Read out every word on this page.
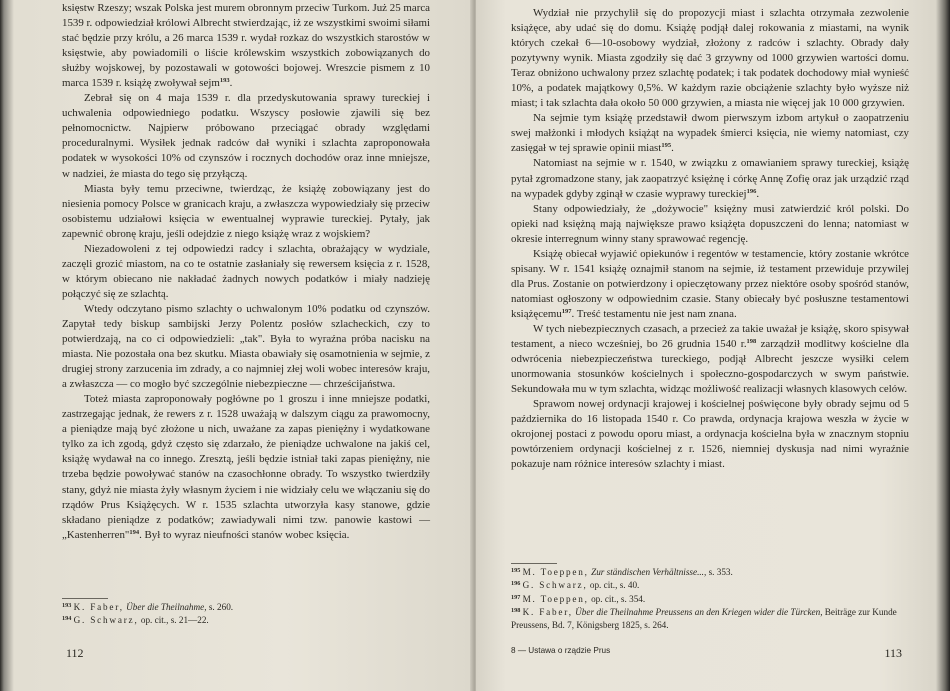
księstw Rzeszy; wszak Polska jest murem obronnym przeciw Turkom. Już 25 marca 1539 r. odpowiedział królowi Albrecht stwierdzając, iż ze wszystkimi swoimi siłami stać będzie przy królu, a 26 marca 1539 r. wydał rozkaz do wszystkich starostów w księstwie, aby powiadomili o liście królewskim wszystkich zobowiązanych do służby wojskowej, by pozostawali w gotowości bojowej. Wreszcie pismem z 10 marca 1539 r. książę zwoływał sejm$^{193}$.

Zebrał się on 4 maja 1539 r. dla przedyskutowania sprawy tureckiej i uchwalenia odpowiedniego podatku. Wszyscy posłowie zjawili się bez pełnomocnictw. Najpierw próbowano przeciągać obrady względami proceduralnymi. Wysiłek jednak radców dał wyniki i szlachta zaproponowała podatek w wysokości 10% od czynszów i rocznych dochodów oraz inne mniejsze, w nadziei, że miasta do tego się przyłączą.

Miasta były temu przeciwne, twierdząc, że książę zobowiązany jest do niesienia pomocy Polsce w granicach kraju, a zwłaszcza wypowiedziały się przeciw osobistemu udziałowi księcia w ewentualnej wyprawie tureckiej. Pytały, jak zapewnić obronę kraju, jeśli odejdzie z niego książę wraz z wojskiem?

Niezadowoleni z tej odpowiedzi radcy i szlachta, obrażający w wydziale, zaczęli grozić miastom, na co te ostatnie zasłaniały się rewersem księcia z r. 1528, w którym obiecano nie nakładać żadnych nowych podatków i miały nadzieję połączyć się ze szlachtą.

Wtedy odczytano pismo szlachty o uchwalonym 10% podatku od czynszów. Zapytał tedy biskup sambijski Jerzy Polentz posłów szlacheckich, czy to potwierdzają, na co ci odpowiedzieli: „tak". Była to wyraźna próba nacisku na miasta. Nie pozostała ona bez skutku. Miasta obawiały się osamotnienia w sejmie, z drugiej strony zarzucenia im zdrady, a co najmniej złej woli wobec interesów kraju, a zwłaszcza — co mogło być szczególnie niebezpieczne — chrześcijaństwa.

Toteż miasta zaproponowały pogłówne po 1 groszu i inne mniejsze podatki, zastrzegając jednak, że rewers z r. 1528 uważają w dalszym ciągu za prawomocny, a pieniądze mają być złożone u nich, uważane za zapas pieniężny i wydatkowane tylko za ich zgodą, gdyż często się zdarzało, że pieniądze uchwalone na jakiś cel, książę wydawał na co innego. Zresztą, jeśli będzie istniał taki zapas pieniężny, nie trzeba będzie powoływać stanów na czasochłonne obrady. To wszystko twierdziły stany, gdyż nie miasta żyły własnym życiem i nie widziały celu we włączaniu się do rządów Prus Książęcych. W r. 1535 szlachta utworzyła kasy stanowe, gdzie składano pieniądze z podatków; zawiadywali nimi tzw. panowie kastowi — „Kastenherren"$^{194}$. Był to wyraz nieufności stanów wobec księcia.

$^{193}$ K. Faber, Über die Theilnahme, s. 260.
$^{194}$ G. Schwarz, op. cit., s. 21—22.
112

Wydział nie przychylił się do propozycji miast i szlachta otrzymała zezwolenie książęce, aby udać się do domu. Książę podjął dalej rokowania z miastami, na wynik których czekał 6—10-osobowy wydział, złożony z radców i szlachty. Obrady dały pozytywny wynik. Miasta zgodziły się dać 3 grzywny od 1000 grzywien wartości domu. Teraz obniżono uchwalony przez szlachtę podatek; i tak podatek dochodowy miał wynieść 10%, a podatek majątkowy 0,5%. W każdym razie obciążenie szlachty było wyższe niż miast; i tak szlachta dała około 50 000 grzywien, a miasta nie więcej jak 10 000 grzywien.

Na sejmie tym książę przedstawił dwom pierwszym izbom artykuł o zaopatrzeniu swej małżonki i młodych książąt na wypadek śmierci księcia, nie wiemy natomiast, czy zasięgał w tej sprawie opinii miast$^{195}$.

Natomiast na sejmie w r. 1540, w związku z omawianiem sprawy tureckiej, książę pytał zgromadzone stany, jak zaopatrzyć księżnę i córkę Annę Zofię oraz jak urządzić rząd na wypadek gdyby zginął w czasie wyprawy tureckiej$^{196}$.

Stany odpowiedziały, że „dożywocie" księżny musi zatwierdzić król polski. Do opieki nad księżną mają największe prawo książęta dopuszczeni do lenna; natomiast w okresie interregnum winny stany sprawować regencję.

Książę obiecał wyjawić opiekunów i regentów w testamencie, który zostanie wkrótce spisany. W r. 1541 książę oznajmił stanom na sejmie, iż testament przewiduje przywilej dla Prus. Zostanie on potwierdzony i opieczętowany przez niektóre osoby spośród stanów, natomiast ogłoszony w odpowiednim czasie. Stany obiecały być posłuszne testamentowi książęcemu$^{197}$. Treść testamentu nie jest nam znana.

W tych niebezpiecznych czasach, a przecież za takie uważał je książę, skoro spisywał testament, a nieco wcześniej, bo 26 grudnia 1540 r.$^{198}$ zarządził modlitwy kościelne dla odwrócenia niebezpieczeństwa tureckiego, podjął Albrecht jeszcze wysiłki celem unormowania stosunków kościelnych i społeczno-gospodarczych w swym państwie. Sekundowała mu w tym szlachta, widząc możliwość realizacji własnych klasowych celów.

Sprawom nowej ordynacji krajowej i kościelnej poświęcone były obrady sejmu od 5 października do 16 listopada 1540 r. Co prawda, ordynacja krajowa weszła w życie w okrojonej postaci z powodu oporu miast, a ordynacja kościelna była w znacznym stopniu powtórzeniem ordynacji kościelnej z r. 1526, niemniej dyskusja nad nimi wyraźnie pokazuje nam różnice interesów szlachty i miast.

$^{195}$ M. Toeppen, Zur ständischen Verhältnisse..., s. 353.
$^{196}$ G. Schwarz, op. cit., s. 40.
$^{197}$ M. Toeppen, op. cit., s. 354.
$^{198}$ K. Faber, Über die Theilnahme Preussens an den Kriegen wider die Türcken, Beiträge zur Kunde Preussens, Bd. 7, Königsberg 1825, s. 264.
8 — Ustawa o rządzie Prus	113
